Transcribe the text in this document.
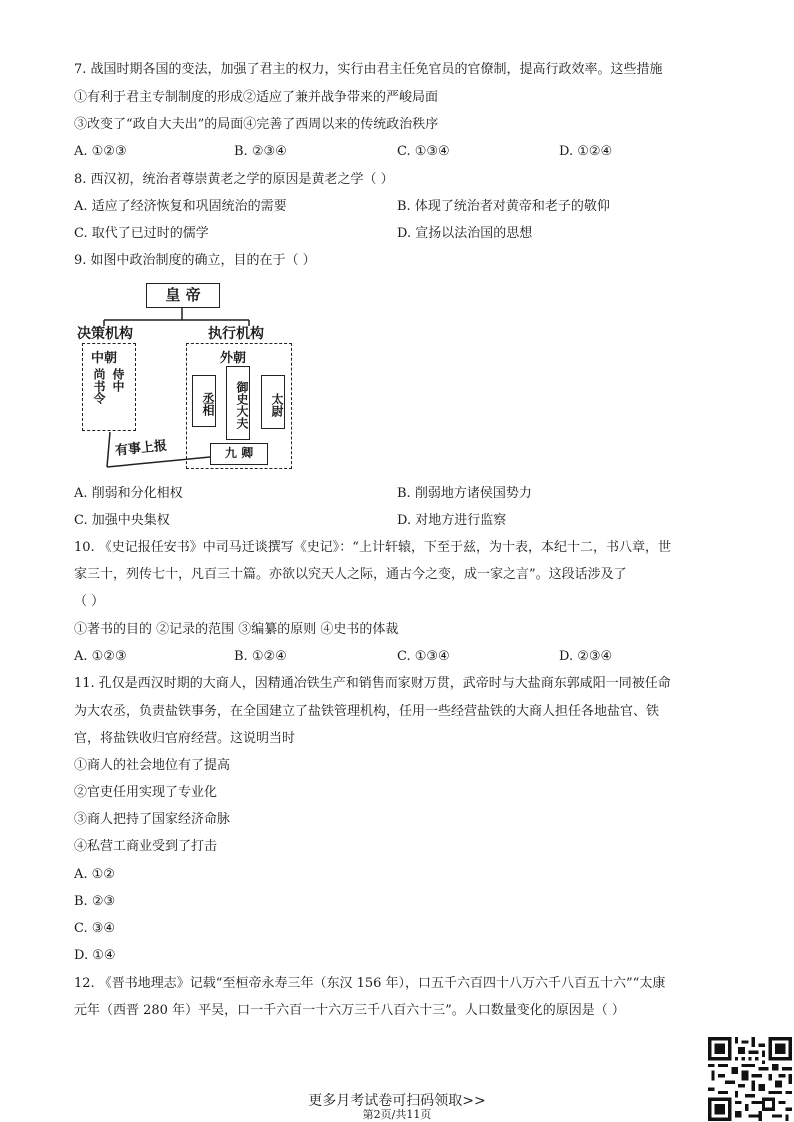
7. 战国时期各国的变法，加强了君主的权力，实行由君主任免官员的官僚制，提高行政效率。这些措施
①有利于君主专制制度的形成②适应了兼并战争带来的严峻局面
③改变了“政自大夫出”的局面④完善了西周以来的传统政治秩序
A. ①②③	B. ②③④	C. ①③④	D. ①②④
8. 西汉初，统治者尊崇黄老之学的原因是黄老之学（ ）
A. 适应了经济恢复和巩固统治的需要	B. 体现了统治者对黄帝和老子的敬仰
C. 取代了已过时的儒学	D. 宣扬以法治国的思想
9. 如图中政治制度的确立，目的在于（ ）
皇 帝
决策机构	执行机构
中朝
侍中
尚书令
外朝
丞相	御史大夫	太尉
九 卿
有事上报
A. 削弱和分化相权	B. 削弱地方诸侯国势力
C. 加强中央集权	D. 对地方进行监察
10. 《史记报任安书》中司马迁谈撰写《史记》：“上计轩辕，下至于兹，为十表，本纪十二，书八章，世
家三十，列传七十，凡百三十篇。亦欲以究天人之际，通古今之变，成一家之言”。这段话涉及了
（ ）
①著书的目的 ②记录的范围 ③编纂的原则 ④史书的体裁
A. ①②③	B. ①②④	C. ①③④	D. ②③④
11. 孔仅是西汉时期的大商人，因精通冶铁生产和销售而家财万贯，武帝时与大盐商东郭咸阳一同被任命
为大农丞，负责盐铁事务，在全国建立了盐铁管理机构，任用一些经营盐铁的大商人担任各地盐官、铁
官，将盐铁收归官府经营。这说明当时
①商人的社会地位有了提高
②官吏任用实现了专业化
③商人把持了国家经济命脉
④私营工商业受到了打击
A. ①②
B. ②③
C. ③④
D. ①④
12. 《晋书地理志》记载“至桓帝永寿三年（东汉 156 年），口五千六百四十八万六千八百五十六”“太康
元年（西晋 280 年）平吴，口一千六百一十六万三千八百六十三”。人口数量变化的原因是（ ）
更多月考试卷可扫码领取>>
第2页/共11页
